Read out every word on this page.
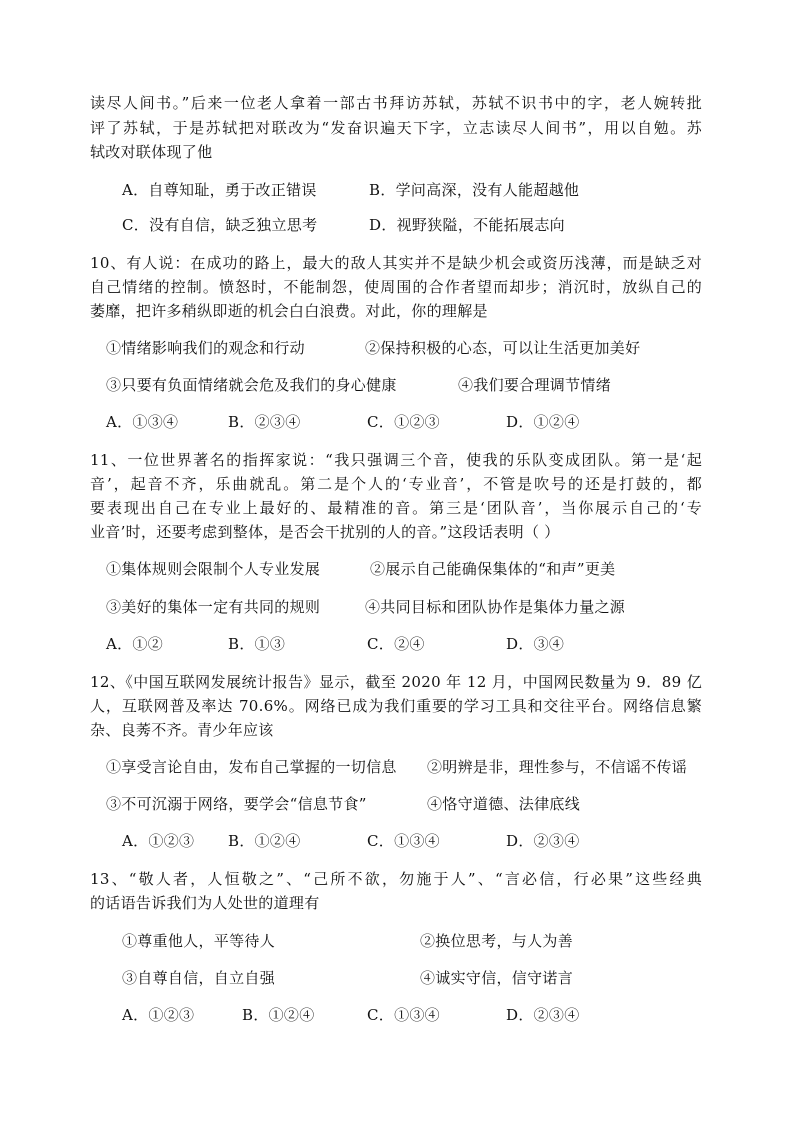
读尽人间书。”后来一位老人拿着一部古书拜访苏轼，苏轼不识书中的字，老人婉转批
评了苏轼，于是苏轼把对联改为“发奋识遍天下字，立志读尽人间书”，用以自勉。苏
轼改对联体现了他
A．自尊知耻，勇于改正错误	B．学问高深，没有人能超越他
C．没有自信，缺乏独立思考	D．视野狭隘，不能拓展志向
10、有人说：在成功的路上，最大的敌人其实并不是缺少机会或资历浅薄，而是缺乏对
自己情绪的控制。愤怒时，不能制怨，使周围的合作者望而却步；消沉时，放纵自己的
萎靡，把许多稍纵即逝的机会白白浪费。对此，你的理解是
①情绪影响我们的观念和行动	②保持积极的心态，可以让生活更加美好
③只要有负面情绪就会危及我们的身心健康	④我们要合理调节情绪
A．①③④	B．②③④	C．①②③	D．①②④
11、一位世界著名的指挥家说：“我只强调三个音，使我的乐队变成团队。第一是‘起
音’，起音不齐，乐曲就乱。第二是个人的‘专业音’，不管是吹号的还是打鼓的，都
要表现出自己在专业上最好的、最精准的音。第三是‘团队音’，当你展示自己的‘专
业音’时，还要考虑到整体，是否会干扰别的人的音。”这段话表明（ ）
①集体规则会限制个人专业发展	②展示自己能确保集体的“和声”更美
③美好的集体一定有共同的规则	④共同目标和团队协作是集体力量之源
A．①②	B．①③	C．②④	D．③④
12、《中国互联网发展统计报告》显示，截至 2020 年 12 月，中国网民数量为 9．89 亿
人，互联网普及率达 70.6%。网络已成为我们重要的学习工具和交往平台。网络信息繁
杂、良莠不齐。青少年应该
①享受言论自由，发布自己掌握的一切信息 ②明辨是非，理性参与，不信谣不传谣
③不可沉溺于网络，要学会“信息节食”	④恪守道德、法律底线
A．①②③ B．①②④	C．①③④	D．②③④
13、“敬人者，人恒敬之”、“己所不欲，勿施于人”、“言必信，行必果”这些经典
的话语告诉我们为人处世的道理有
①尊重他人，平等待人	②换位思考，与人为善
③自尊自信，自立自强	④诚实守信，信守诺言
A．①②③	B．①②④	C．①③④	D．②③④
